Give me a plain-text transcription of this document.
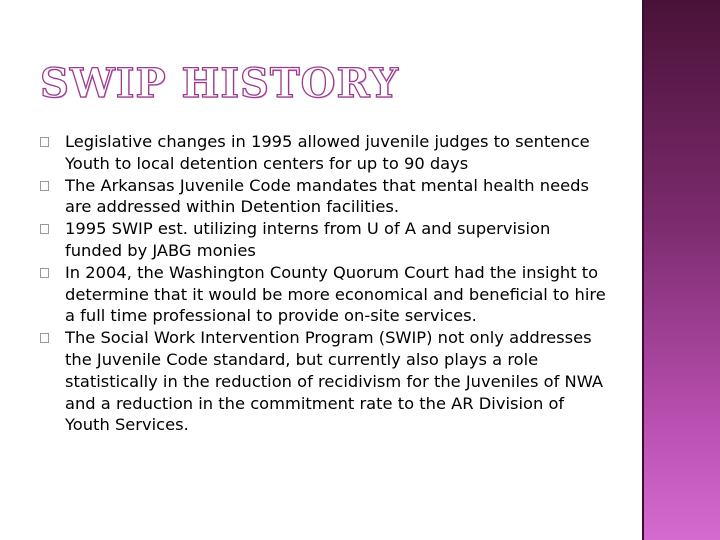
SWIP HISTORY
Legislative changes in 1995 allowed juvenile judges to sentence Youth to local detention centers for up to 90 days
The Arkansas Juvenile Code mandates that mental health needs are addressed within Detention facilities.
1995 SWIP est. utilizing interns from U of A and supervision funded by JABG monies
In 2004, the Washington County Quorum Court had the insight to determine that it would be more economical and beneficial to hire a full time professional to provide on-site services.
The Social Work Intervention Program (SWIP) not only addresses the Juvenile Code standard, but currently also plays a role statistically in the reduction of recidivism for the Juveniles of NWA and a reduction in the commitment rate to the AR Division of Youth Services.
